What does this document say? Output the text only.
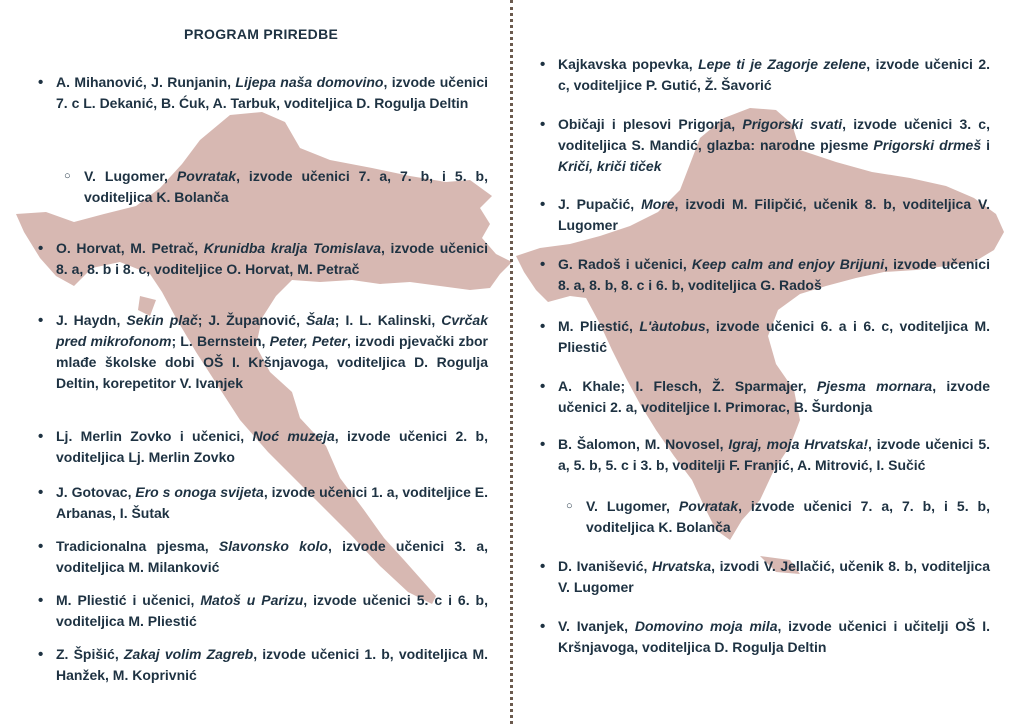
PROGRAM PRIREDBE
• A. Mihanović, J. Runjanin, Lijepa naša domovino, izvode učenici 7. c L. Dekanić, B. Ćuk, A. Tarbuk, voditeljica D. Rogulja Deltin
○ V. Lugomer, Povratak, izvode učenici 7. a, 7. b, i 5. b, voditeljica K. Bolanča
• O. Horvat, M. Petrač, Krunidba kralja Tomislava, izvode učenici 8. a, 8. b i 8. c, voditeljice O. Horvat, M. Petrač
• J. Haydn, Sekin plač; J. Županović, Šala; I. L. Kalinski, Cvrčak pred mikrofonom; L. Bernstein, Peter, Peter, izvodi pjevački zbor mlađe školske dobi OŠ I. Kršnjavoga, voditeljica D. Rogulja Deltin, korepetitor V. Ivanjek
• Lj. Merlin Zovko i učenici, Noć muzeja, izvode učenici 2. b, voditeljica Lj. Merlin Zovko
• J. Gotovac, Ero s onoga svijeta, izvode učenici 1. a, voditeljice E. Arbanas, I. Šutak
• Tradicionalna pjesma, Slavonsko kolo, izvode učenici 3. a, voditeljica M. Milanković
• M. Pliestić i učenici, Matoš u Parizu, izvode učenici 5. c i 6. b, voditeljica M. Pliestić
• Z. Špišić, Zakaj volim Zagreb, izvode učenici 1. b, voditeljica M. Hanžek, M. Koprivnić
• Kajkavska popevka, Lepe ti je Zagorje zelene, izvode učenici 2. c, voditeljice P. Gutić, Ž. Šavorić
• Običaji i plesovi Prigorja, Prigorski svati, izvode učenici 3. c, voditeljica S. Mandić, glazba: narodne pjesme Prigorski drmeš i Kriči, kriči tiček
• J. Pupačić, More, izvodi M. Filipčić, učenik 8. b, voditeljica V. Lugomer
• G. Radoš i učenici, Keep calm and enjoy Brijuni, izvode učenici 8. a, 8. b, 8. c i 6. b, voditeljica G. Radoš
• M. Pliestić, L'àutobus, izvode učenici 6. a i 6. c, voditeljica M. Pliestić
• A. Khale; I. Flesch, Ž. Sparmajer, Pjesma mornara, izvode učenici 2. a, voditeljice I. Primorac, B. Šurdonja
• B. Šalomon, M. Novosel, Igraj, moja Hrvatska!, izvode učenici 5. a, 5. b, 5. c i 3. b, voditelji F. Franjić, A. Mitrović, I. Sučić
○ V. Lugomer, Povratak, izvode učenici 7. a, 7. b, i 5. b, voditeljica K. Bolanča
• D. Ivanišević, Hrvatska, izvodi V. Jellačić, učenik 8. b, voditeljica V. Lugomer
• V. Ivanjek, Domovino moja mila, izvode učenici i učitelji OŠ I. Kršnjavoga, voditeljica D. Rogulja Deltin
